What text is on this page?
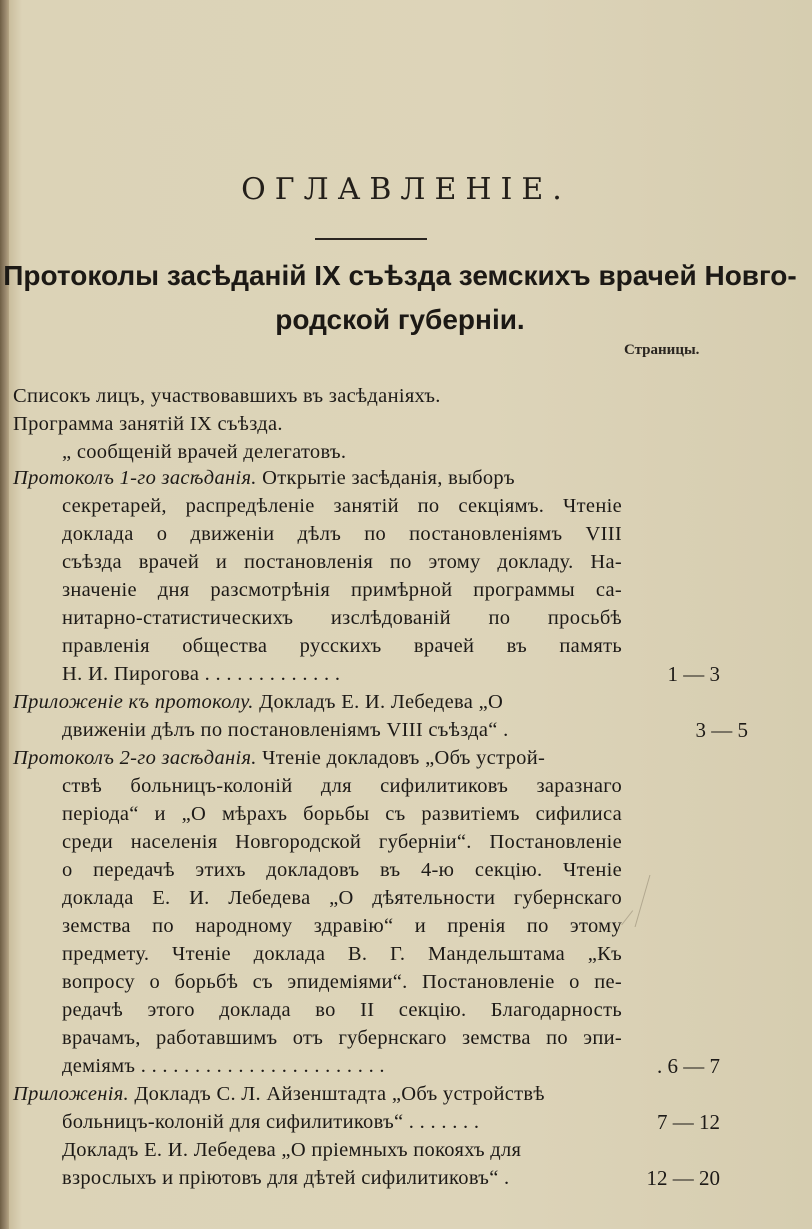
ОГЛАВЛЕНІЕ.
Протоколы засѣданій IX съѣзда земскихъ врачей Новго-
родской губерніи.
Страницы.
Списокъ лицъ, участвовавшихъ въ засѣданіяхъ.
Программа занятій IX съѣзда.
„ сообщеній врачей делегатовъ.
Протоколъ 1-го засѣданія. Открытіе засѣданія, выборъ
секретарей, распредѣленіе занятій по секціямъ. Чтеніе
доклада о движеніи дѣлъ по постановленіямъ VIII
съѣзда врачей и постановленія по этому докладу. На-
значеніе дня разсмотрѣнія примѣрной программы са-
нитарно-статистическихъ изслѣдованій по просьбѣ
правленія общества русскихъ врачей въ память
Н. И. Пирогова . . . . . . . . . . . . .	1 — 3
Приложеніе къ протоколу. Докладъ Е. И. Лебедева „О
движеніи дѣлъ по постановленіямъ VIII съѣзда“ .	3 — 5
Протоколъ 2-го засѣданія. Чтеніе докладовъ „Объ устрой-
ствѣ больницъ-колоній для сифилитиковъ заразнаго
періода“ и „О мѣрахъ борьбы съ развитіемъ сифилиса
среди населенія Новгородской губерніи“. Постановленіе
о передачѣ этихъ докладовъ въ 4-ю секцію. Чтеніе
доклада Е. И. Лебедева „О дѣятельности губернскаго
земства по народному здравію“ и пренія по этому
предмету. Чтеніе доклада В. Г. Мандельштама „Къ
вопросу о борьбѣ съ эпидеміями“. Постановленіе о пе-
редачѣ этого доклада во II секцію. Благодарность
врачамъ, работавшимъ отъ губернскаго земства по эпи-
деміямъ . . . . . . . . . . . . . . . . . . . . . . .	. 6 — 7
Приложенія. Докладъ С. Л. Айзенштадта „Объ устройствѣ
больницъ-колоній для сифилитиковъ“ . . . . . . .	7 — 12
Докладъ Е. И. Лебедева „О пріемныхъ покояхъ для
взрослыхъ и пріютовъ для дѣтей сифилитиковъ“ .	12 — 20
